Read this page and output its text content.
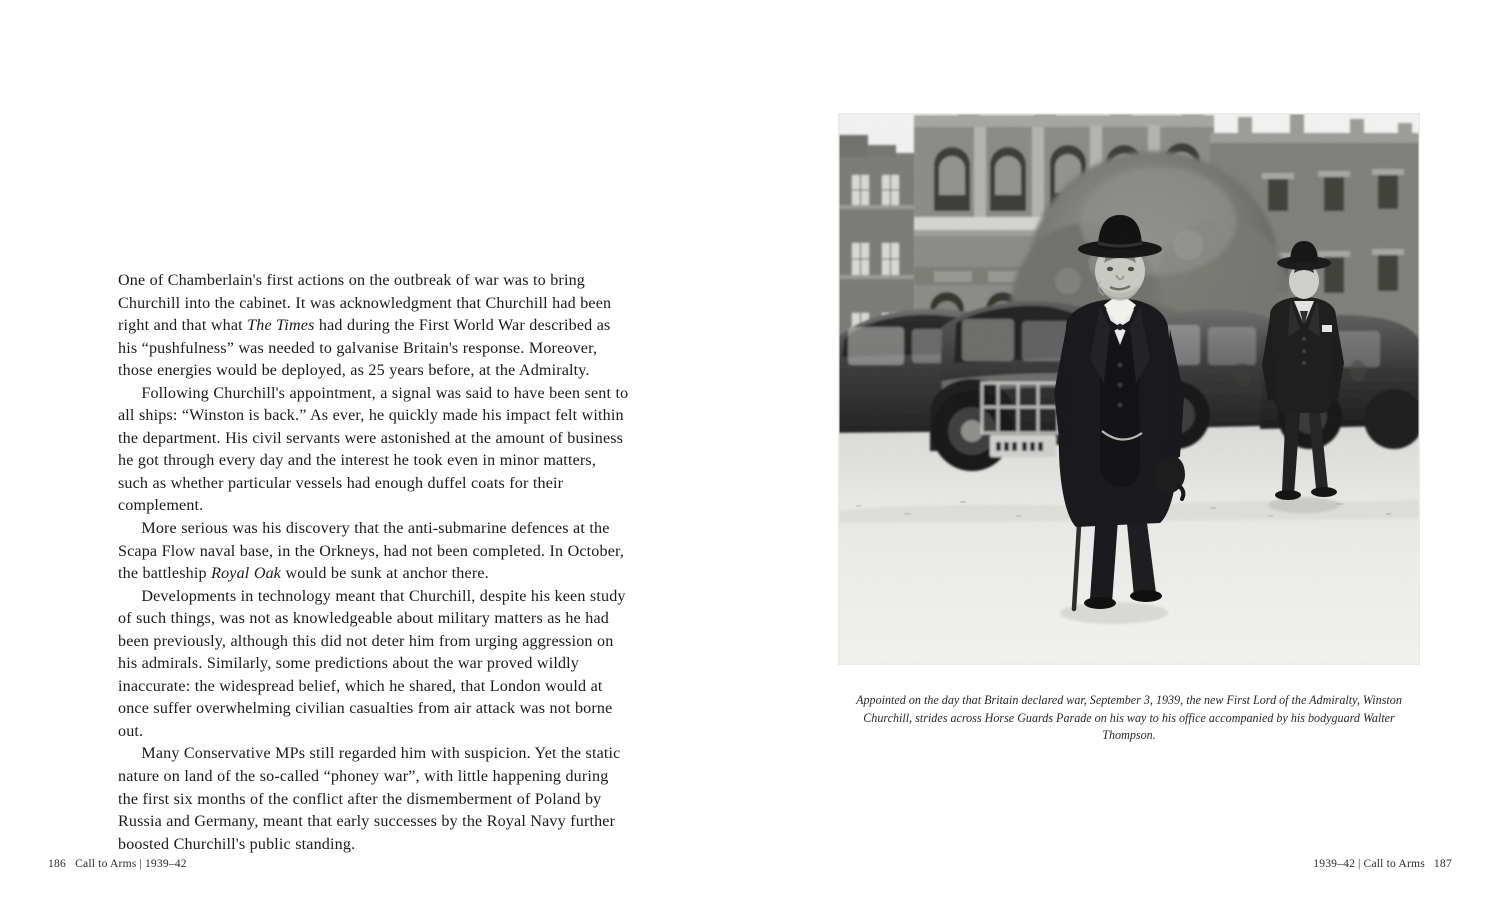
One of Chamberlain's first actions on the outbreak of war was to bring Churchill into the cabinet. It was acknowledgment that Churchill had been right and that what The Times had during the First World War described as his “pushfulness” was needed to galvanise Britain's response. Moreover, those energies would be deployed, as 25 years before, at the Admiralty.

Following Churchill's appointment, a signal was said to have been sent to all ships: “Winston is back.” As ever, he quickly made his impact felt within the department. His civil servants were astonished at the amount of business he got through every day and the interest he took even in minor matters, such as whether particular vessels had enough duffel coats for their complement.

More serious was his discovery that the anti-submarine defences at the Scapa Flow naval base, in the Orkneys, had not been completed. In October, the battleship Royal Oak would be sunk at anchor there.

Developments in technology meant that Churchill, despite his keen study of such things, was not as knowledgeable about military matters as he had been previously, although this did not deter him from urging aggression on his admirals. Similarly, some predictions about the war proved wildly inaccurate: the widespread belief, which he shared, that London would at once suffer overwhelming civilian casualties from air attack was not borne out.

Many Conservative MPs still regarded him with suspicion. Yet the static nature on land of the so-called “phoney war”, with little happening during the first six months of the conflict after the dismemberment of Poland by Russia and Germany, meant that early successes by the Royal Navy further boosted Churchill's public standing.

186 Call to Arms | 1939–42

Appointed on the day that Britain declared war, September 3, 1939, the new First Lord of the Admiralty, Winston Churchill, strides across Horse Guards Parade on his way to his office accompanied by his bodyguard Walter Thompson.

1939–42 | Call to Arms 187
